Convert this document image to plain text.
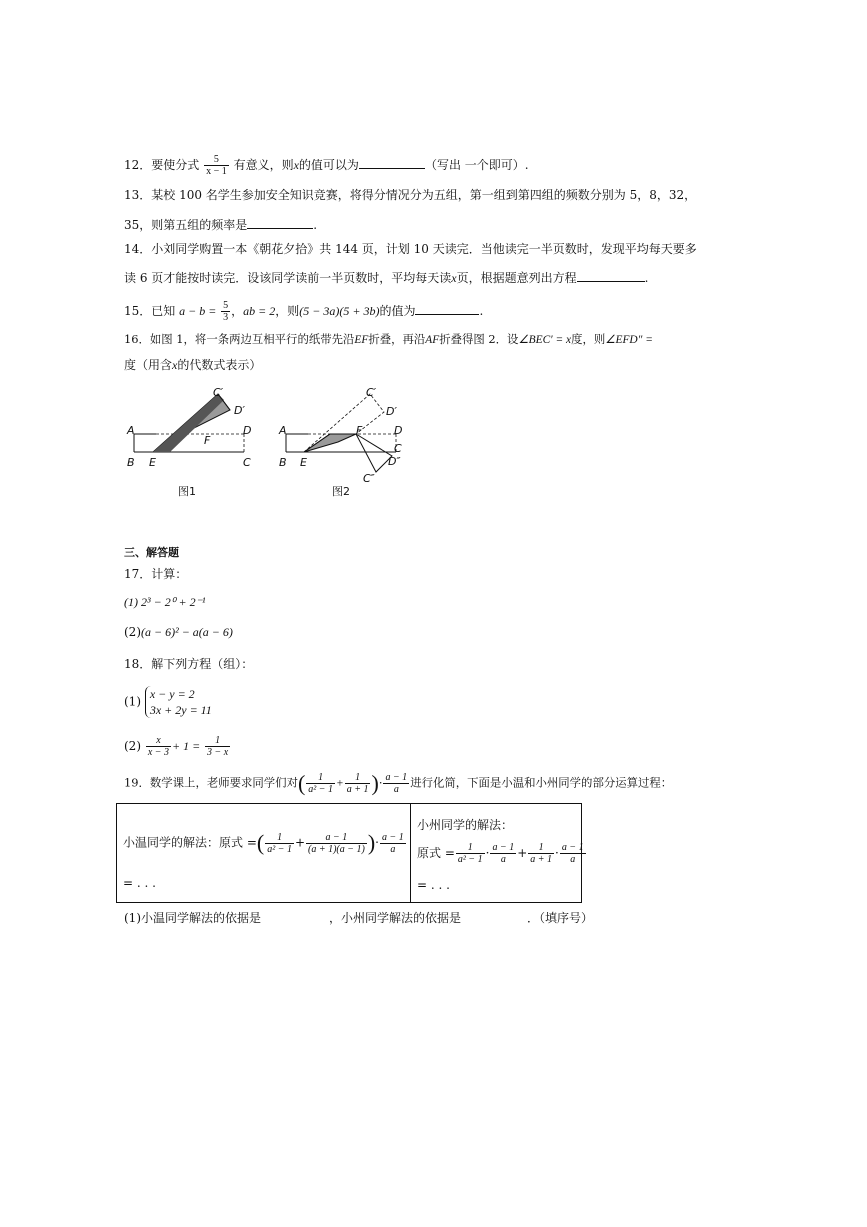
12．要使分式 $\frac{5}{x - 1}$ 有意义，则x的值可以为	（写出 一个即可）.
13．某校 100 名学生参加安全知识竞赛，将得分情况分为五组，第一组到第四组的频数分别为 5，8，32，
35，则第五组的频率是	.
14．小刘同学购置一本《朝花夕拾》共 144 页，计划 10 天读完．当他读完一半页数时，发现平均每天要多
读 6 页才能按时读完．设该同学读前一半页数时，平均每天读x页，根据题意列出方程	.
15．已知 $a - b = \frac{5}{3}$ ，ab = 2，则(5 − 3a)(5 + 3b)的值为	.
16．如图 1，将一条两边互相平行的纸带先沿EF折叠，再沿AF折叠得图 2．设∠BEC′ = x度，则∠EFD″ =
度（用含x的代数式表示）
A
B	C
D
E
F
C′
D′
图1
A
B
C
D
E
F
C′
D′
C″
D″
图2
三、解答题
17．计算：
(1) 2³ − 2⁰ + 2⁻¹
(2)(a − 6)² − a(a − 6)
18．解下列方程（组）：
(1)
x − y = 2
3x + 2y = 11
$(2) \frac{x}{x - 3} + 1 = \frac{1}{3 - x}$
19．数学课上，老师要求同学们对( $\frac{1}{\text{a² − 1}} + \frac{1}{a + 1}$ )· $\frac{a - 1}{a}$ 进行化简，下面是小温和小州同学的部分运算过程：
小温同学的解法：原式 =( $\frac{1}{\text{a² − 1}} + \frac{a - 1}{(a + 1)(a - 1)}$ )· $\frac{a - 1}{a}$
= . . .
小州同学的解法：
原式 = $\frac{1}{\text{a² − 1}} \cdot \frac{a - 1}{a} + \frac{1}{a + 1} \cdot \frac{a - 1}{a}$
= . . .
(1)小温同学解法的依据是	，小州同学解法的依据是	．（填序号）
